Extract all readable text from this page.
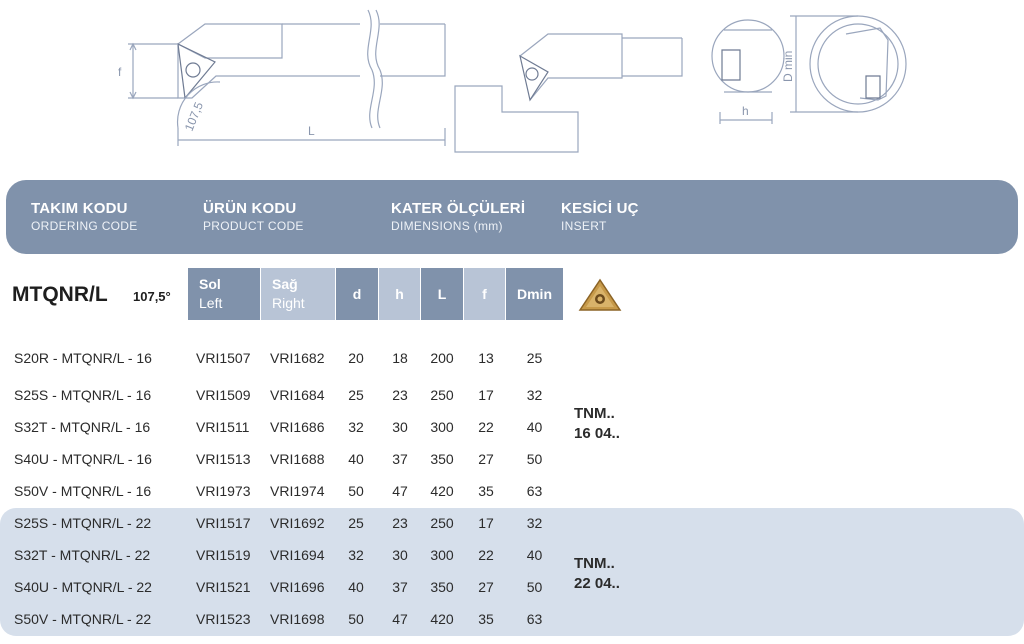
f
107,5	L
h
D min
TAKIM KODU
ORDERING CODE
ÜRÜN KODU
PRODUCT CODE
KATER ÖLÇÜLERİ
DIMENSIONS (mm)
KESİCİ UÇ
INSERT
MTQNR/L 107,5°
Sol
Left
Sağ
Right
d	h	L	f	Dmin
S20R - MTQNR/L - 16	VRI1507 VRI1682	20	18	200	13	25
S25S - MTQNR/L - 16	VRI1509 VRI1684	25	23	250	17	32
S32T - MTQNR/L - 16	VRI1511 VRI1686	32	30	300	22	40
S40U - MTQNR/L - 16	VRI1513 VRI1688	40	37	350	27	50
S50V - MTQNR/L - 16	VRI1973 VRI1974	50	47	420	35	63
S25S - MTQNR/L - 22	VRI1517 VRI1692	25	23	250	17	32
S32T - MTQNR/L - 22	VRI1519 VRI1694	32	30	300	22	40
S40U - MTQNR/L - 22	VRI1521 VRI1696	40	37	350	27	50
S50V - MTQNR/L - 22	VRI1523 VRI1698	50	47	420	35	63
TNM..
16 04..
TNM..
22 04..
